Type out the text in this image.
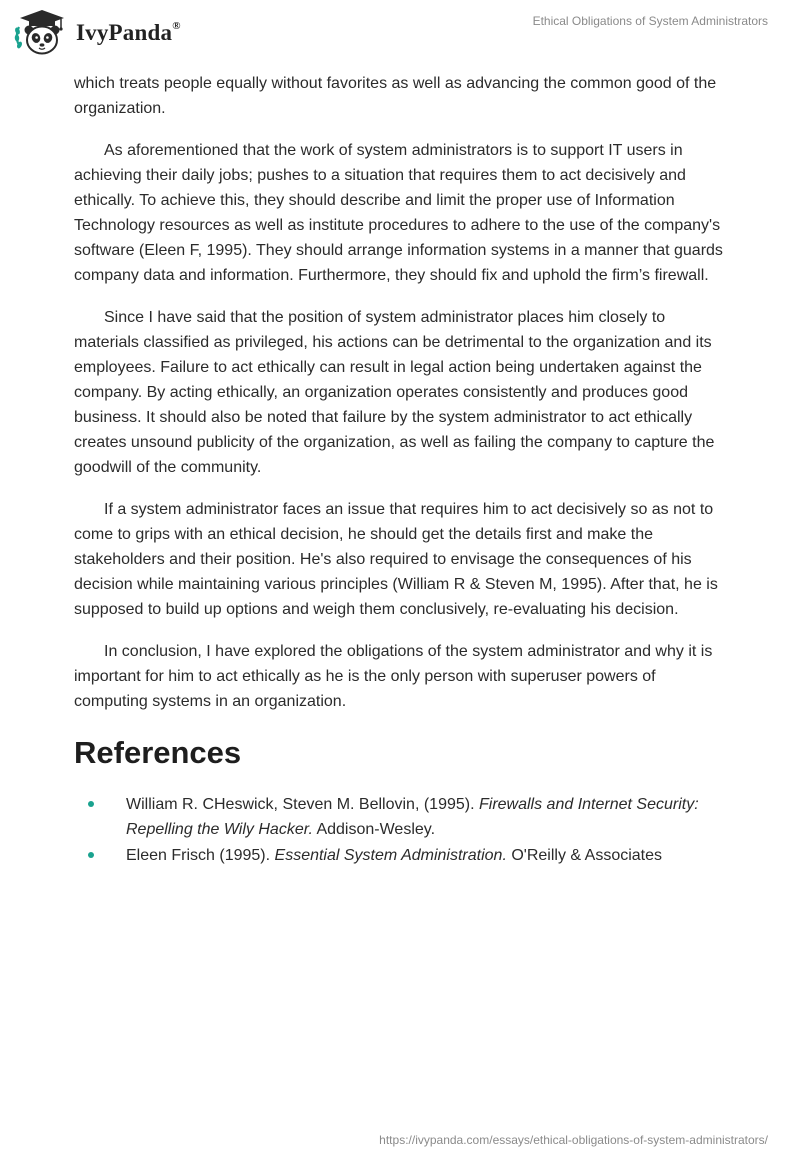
IvyPanda®	Ethical Obligations of System Administrators

which treats people equally without favorites as well as advancing the common good of the organization.

As aforementioned that the work of system administrators is to support IT users in achieving their daily jobs; pushes to a situation that requires them to act decisively and ethically. To achieve this, they should describe and limit the proper use of Information Technology resources as well as institute procedures to adhere to the use of the company's software (Eleen F, 1995). They should arrange information systems in a manner that guards company data and information. Furthermore, they should fix and uphold the firm’s firewall.

Since I have said that the position of system administrator places him closely to materials classified as privileged, his actions can be detrimental to the organization and its employees. Failure to act ethically can result in legal action being undertaken against the company. By acting ethically, an organization operates consistently and produces good business. It should also be noted that failure by the system administrator to act ethically creates unsound publicity of the organization, as well as failing the company to capture the goodwill of the community.

If a system administrator faces an issue that requires him to act decisively so as not to come to grips with an ethical decision, he should get the details first and make the stakeholders and their position. He's also required to envisage the consequences of his decision while maintaining various principles (William R & Steven M, 1995). After that, he is supposed to build up options and weigh them conclusively, re-evaluating his decision.

In conclusion, I have explored the obligations of the system administrator and why it is important for him to act ethically as he is the only person with superuser powers of computing systems in an organization.

References
William R. CHeswick, Steven M. Bellovin, (1995). Firewalls and Internet Security: Repelling the Wily Hacker. Addison-Wesley.
Eleen Frisch (1995). Essential System Administration. O'Reilly & Associates
https://ivypanda.com/essays/ethical-obligations-of-system-administrators/
